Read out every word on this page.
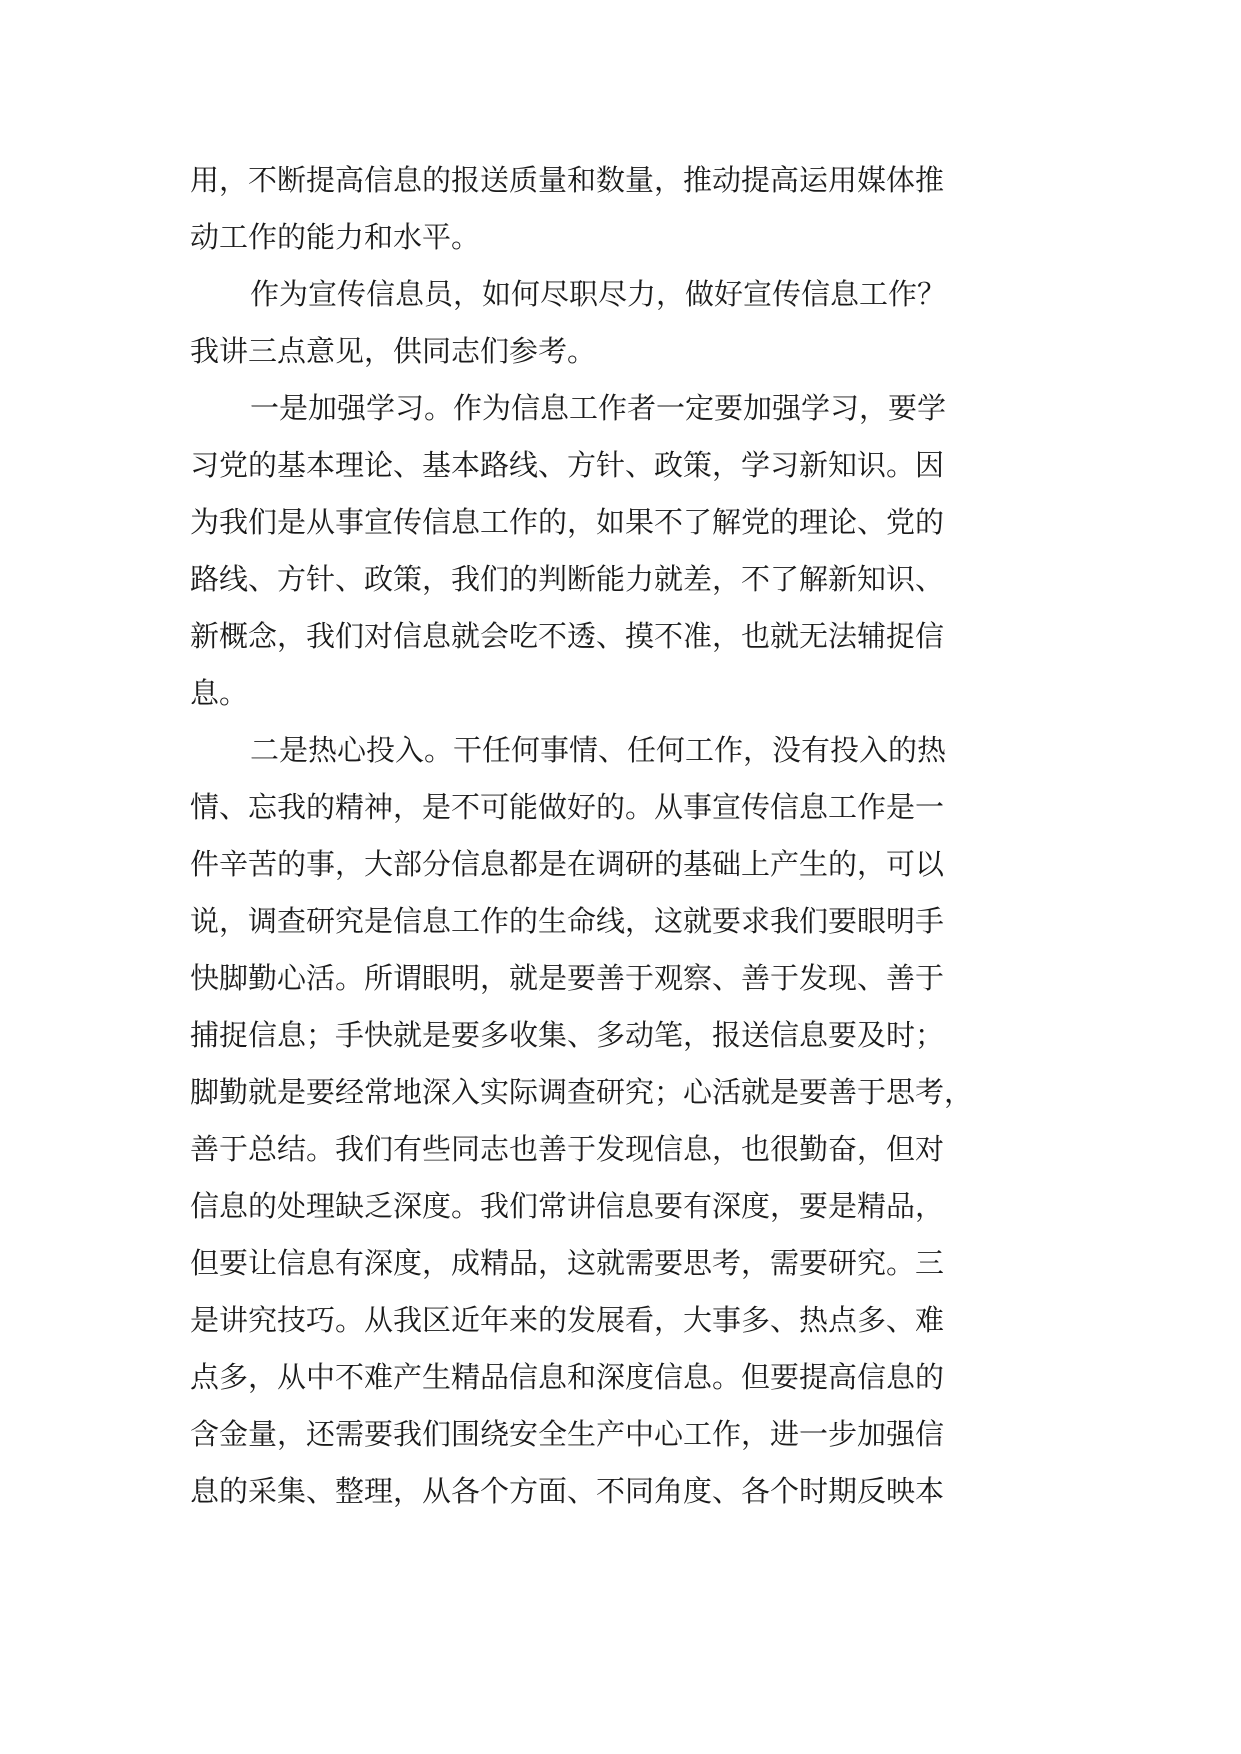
用，不断提高信息的报送质量和数量，推动提高运用媒体推
动工作的能力和水平。
作为宣传信息员，如何尽职尽力，做好宣传信息工作？
我讲三点意见，供同志们参考。
一是加强学习。作为信息工作者一定要加强学习，要学
习党的基本理论、基本路线、方针、政策，学习新知识。因
为我们是从事宣传信息工作的，如果不了解党的理论、党的
路线、方针、政策，我们的判断能力就差，不了解新知识、
新概念，我们对信息就会吃不透、摸不准，也就无法辅捉信
息。
二是热心投入。干任何事情、任何工作，没有投入的热
情、忘我的精神，是不可能做好的。从事宣传信息工作是一
件辛苦的事，大部分信息都是在调研的基础上产生的，可以
说，调查研究是信息工作的生命线，这就要求我们要眼明手
快脚勤心活。所谓眼明，就是要善于观察、善于发现、善于
捕捉信息；手快就是要多收集、多动笔，报送信息要及时；
脚勤就是要经常地深入实际调查研究；心活就是要善于思考，
善于总结。我们有些同志也善于发现信息，也很勤奋，但对
信息的处理缺乏深度。我们常讲信息要有深度，要是精品，
但要让信息有深度，成精品，这就需要思考，需要研究。三
是讲究技巧。从我区近年来的发展看，大事多、热点多、难
点多，从中不难产生精品信息和深度信息。但要提高信息的
含金量，还需要我们围绕安全生产中心工作，进一步加强信
息的采集、整理，从各个方面、不同角度、各个时期反映本
